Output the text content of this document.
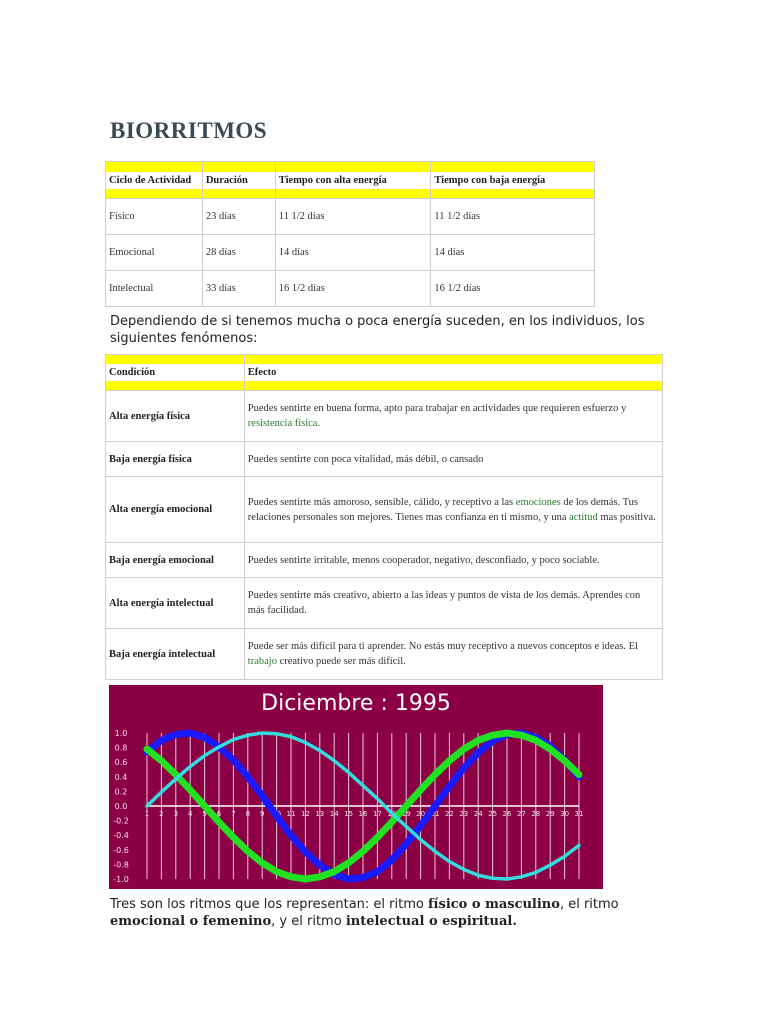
BIORRITMOS
Ciclo de Actividad	Duración	Tiempo con alta energía	Tiempo con baja energía

Físico	23 días	11 1/2 días	11 1/2 días
Emocional	28 días	14 días	14 días
Intelectual	33 días	16 1/2 días	16 1/2 días

Dependiendo de si tenemos mucha o poca energía suceden, en los individuos, los siguientes fenómenos:

Condición	Efecto

Alta energía física	Puedes sentirte en buena forma, apto para trabajar en actividades que requieren esfuerzo y resistencia física.
Baja energía física	Puedes sentirte con poca vitalidad, más débil, o cansado
Alta energía emocional	Puedes sentirte más amoroso, sensible, cálido, y receptivo a las emociones de los demás. Tus relaciones personales son mejores. Tienes mas confianza en ti mismo, y una actitud mas positiva.
Baja energía emocional	Puedes sentirte irritable, menos cooperador, negativo, desconfiado, y poco sociable.
Alta energía intelectual	Puedes sentirte más creativo, abierto a las ideas y puntos de vista de los demás. Aprendes con más facilidad.
Baja energía intelectual	Puede ser más difícil para ti aprender. No estás muy receptivo a nuevos conceptos e ideas. El trabajo creativo puede ser más difícil.
Diciembre : 1995
1 2 3 4 5 6 7 8 9 10 11 12 13 14 15 16 17 18 19 20 21 22 23 24 25 26 27 28 29 30 31
1.0
0.8
0.6
0.4
0.2
0.0
-0.2
-0.4
-0.6
-0.8
-1.0

Tres son los ritmos que los representan: el ritmo físico o masculino, el ritmo emocional o femenino, y el ritmo intelectual o espiritual.
